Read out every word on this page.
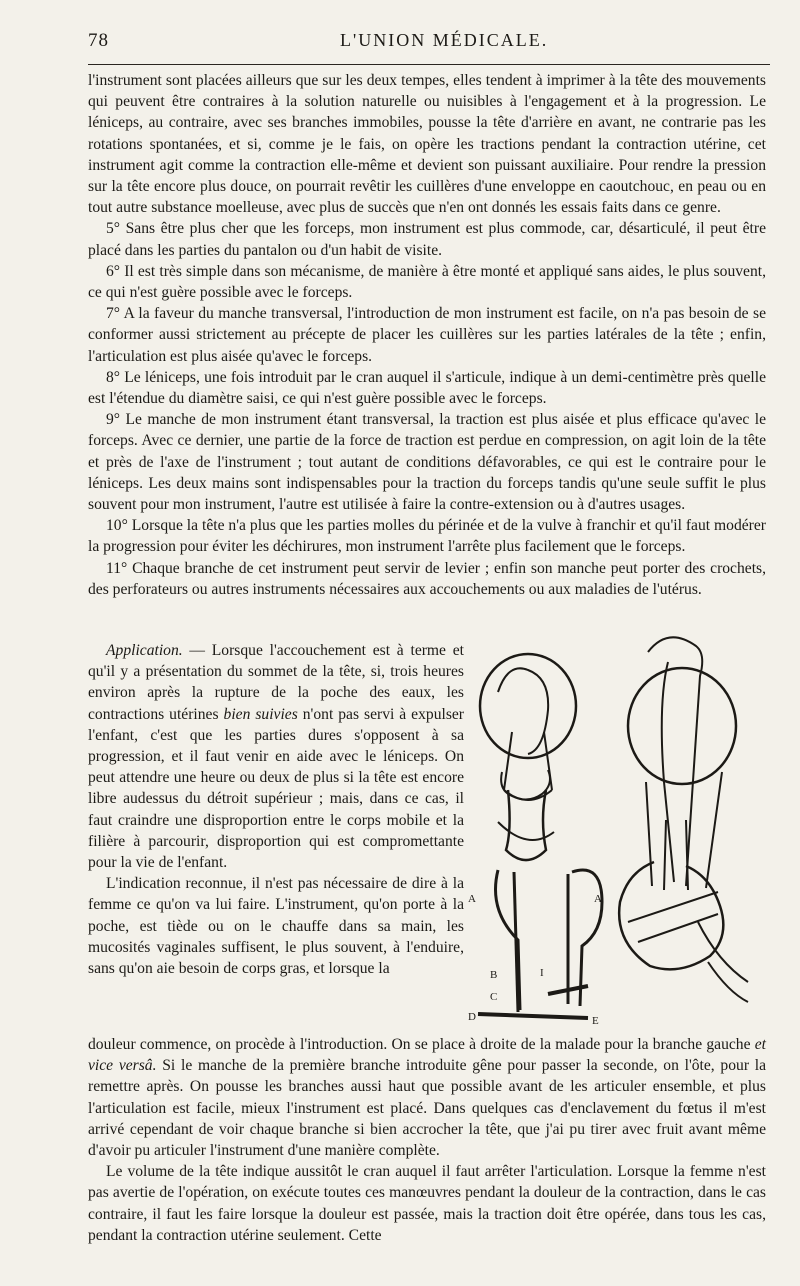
78	L'UNION MÉDICALE.

l'instrument sont placées ailleurs que sur les deux tempes, elles tendent à imprimer à la tête des mouvements qui peuvent être contraires à la solution naturelle ou nuisibles à l'engagement et à la progression. Le léniceps, au contraire, avec ses branches immobiles, pousse la tête d'arrière en avant, ne contrarie pas les rotations spontanées, et si, comme je le fais, on opère les tractions pendant la contraction utérine, cet instrument agit comme la contraction elle-même et devient son puissant auxiliaire. Pour rendre la pression sur la tête encore plus douce, on pourrait revêtir les cuillères d'une enveloppe en caoutchouc, en peau ou en tout autre substance moelleuse, avec plus de succès que n'en ont donnés les essais faits dans ce genre.

5° Sans être plus cher que les forceps, mon instrument est plus commode, car, désarticulé, il peut être placé dans les parties du pantalon ou d'un habit de visite.

6° Il est très simple dans son mécanisme, de manière à être monté et appliqué sans aides, le plus souvent, ce qui n'est guère possible avec le forceps.

7° A la faveur du manche transversal, l'introduction de mon instrument est facile, on n'a pas besoin de se conformer aussi strictement au précepte de placer les cuillères sur les parties latérales de la tête ; enfin, l'articulation est plus aisée qu'avec le forceps.

8° Le léniceps, une fois introduit par le cran auquel il s'articule, indique à un demi-centimètre près quelle est l'étendue du diamètre saisi, ce qui n'est guère possible avec le forceps.

9° Le manche de mon instrument étant transversal, la traction est plus aisée et plus efficace qu'avec le forceps. Avec ce dernier, une partie de la force de traction est perdue en compression, on agit loin de la tête et près de l'axe de l'instrument ; tout autant de conditions défavorables, ce qui est le contraire pour le léniceps. Les deux mains sont indispensables pour la traction du forceps tandis qu'une seule suffit le plus souvent pour mon instrument, l'autre est utilisée à faire la contre-extension ou à d'autres usages.

10° Lorsque la tête n'a plus que les parties molles du périnée et de la vulve à franchir et qu'il faut modérer la progression pour éviter les déchirures, mon instrument l'arrête plus facilement que le forceps.

11° Chaque branche de cet instrument peut servir de levier ; enfin son manche peut porter des crochets, des perforateurs ou autres instruments nécessaires aux accouchements ou aux maladies de l'utérus.

Application. — Lorsque l'accouchement est à terme et qu'il y a présentation du sommet de la tête, si, trois heures environ après la rupture de la poche des eaux, les contractions utérines bien suivies n'ont pas servi à expulser l'enfant, c'est que les parties dures s'opposent à sa progression, et il faut venir en aide avec le léniceps. On peut attendre une heure ou deux de plus si la tête est encore libre audessus du détroit supérieur ; mais, dans ce cas, il faut craindre une disproportion entre le corps mobile et la filière à parcourir, disproportion qui est compromettante pour la vie de l'enfant.

L'indication reconnue, il n'est pas nécessaire de dire à la femme ce qu'on va lui faire. L'instrument, qu'on porte à la poche, est tiède ou on le chauffe dans sa main, les mucosités vaginales suffisent, le plus souvent, à l'enduire, sans qu'on aie besoin de corps gras, et lorsque la

A	A
B
C
I
D	E

douleur commence, on procède à l'introduction. On se place à droite de la malade pour la branche gauche et vice versâ. Si le manche de la première branche introduite gêne pour passer la seconde, on l'ôte, pour la remettre après. On pousse les branches aussi haut que possible avant de les articuler ensemble, et plus l'articulation est facile, mieux l'instrument est placé. Dans quelques cas d'enclavement du fœtus il m'est arrivé cependant de voir chaque branche si bien accrocher la tête, que j'ai pu tirer avec fruit avant même d'avoir pu articuler l'instrument d'une manière complète.

Le volume de la tête indique aussitôt le cran auquel il faut arrêter l'articulation. Lorsque la femme n'est pas avertie de l'opération, on exécute toutes ces manœuvres pendant la douleur de la contraction, dans le cas contraire, il faut les faire lorsque la douleur est passée, mais la traction doit être opérée, dans tous les cas, pendant la contraction utérine seulement. Cette
